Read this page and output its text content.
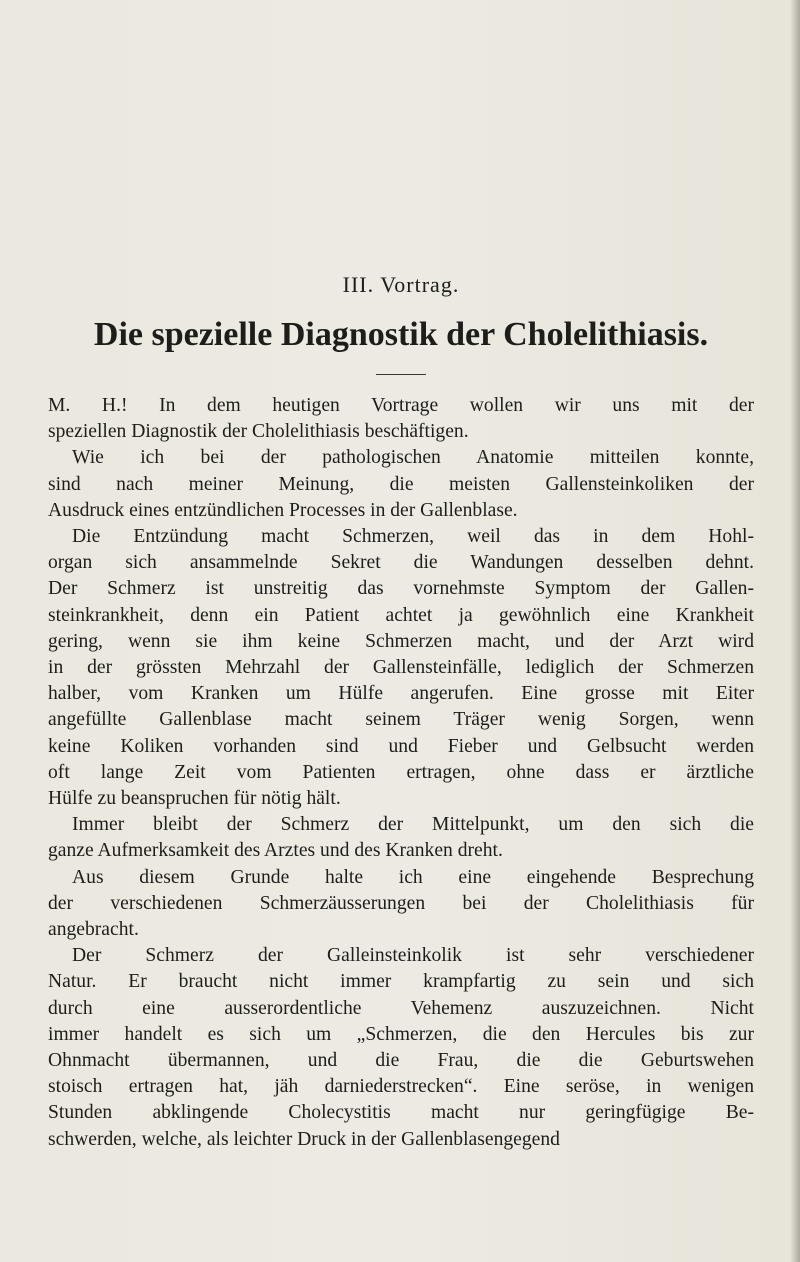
III. Vortrag.
Die spezielle Diagnostik der Cholelithiasis.
M. H.! In dem heutigen Vortrage wollen wir uns mit der
speziellen Diagnostik der Cholelithiasis beschäftigen.
Wie ich bei der pathologischen Anatomie mitteilen konnte,
sind nach meiner Meinung, die meisten Gallensteinkoliken der
Ausdruck eines entzündlichen Processes in der Gallenblase.
Die Entzündung macht Schmerzen, weil das in dem Hohl-
organ sich ansammelnde Sekret die Wandungen desselben dehnt.
Der Schmerz ist unstreitig das vornehmste Symptom der Gallen-
steinkrankheit, denn ein Patient achtet ja gewöhnlich eine Krankheit
gering, wenn sie ihm keine Schmerzen macht, und der Arzt wird
in der grössten Mehrzahl der Gallensteinfälle, lediglich der Schmerzen
halber, vom Kranken um Hülfe angerufen. Eine grosse mit Eiter
angefüllte Gallenblase macht seinem Träger wenig Sorgen, wenn
keine Koliken vorhanden sind und Fieber und Gelbsucht werden
oft lange Zeit vom Patienten ertragen, ohne dass er ärztliche
Hülfe zu beanspruchen für nötig hält.
Immer bleibt der Schmerz der Mittelpunkt, um den sich die
ganze Aufmerksamkeit des Arztes und des Kranken dreht.
Aus diesem Grunde halte ich eine eingehende Besprechung
der verschiedenen Schmerzäusserungen bei der Cholelithiasis für
angebracht.
Der Schmerz der Galleinsteinkolik ist sehr verschiedener
Natur. Er braucht nicht immer krampfartig zu sein und sich
durch eine ausserordentliche Vehemenz auszuzeichnen. Nicht
immer handelt es sich um „Schmerzen, die den Hercules bis zur
Ohnmacht übermannen, und die Frau, die die Geburtswehen
stoisch ertragen hat, jäh darniederstrecken“. Eine seröse, in wenigen
Stunden abklingende Cholecystitis macht nur geringfügige Be-
schwerden, welche, als leichter Druck in der Gallenblasengegend
